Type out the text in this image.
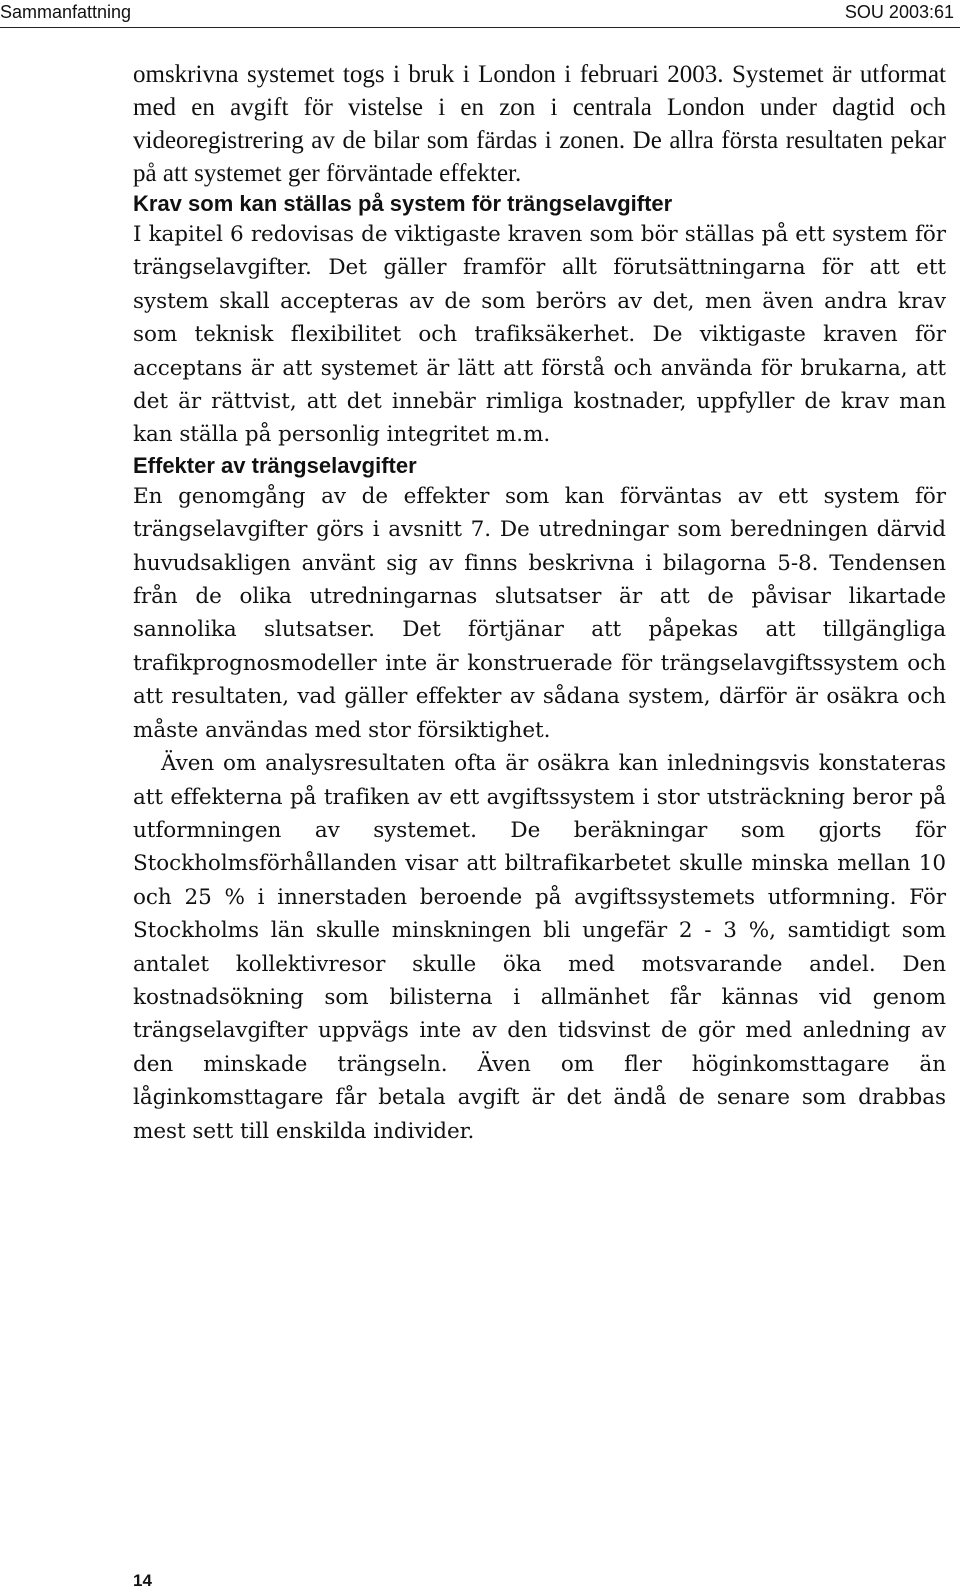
Sammanfattning	SOU 2003:61

omskrivna systemet togs i bruk i London i februari 2003. Systemet är utformat med en avgift för vistelse i en zon i centrala London under dagtid och videoregistrering av de bilar som färdas i zonen. De allra första resultaten pekar på att systemet ger förväntade effekter.

Krav som kan ställas på system för trängselavgifter

I kapitel 6 redovisas de viktigaste kraven som bör ställas på ett system för trängselavgifter. Det gäller framför allt förutsättningarna för att ett system skall accepteras av de som berörs av det, men även andra krav som teknisk flexibilitet och trafiksäkerhet. De viktigaste kraven för acceptans är att systemet är lätt att förstå och använda för brukarna, att det är rättvist, att det innebär rimliga kostnader, uppfyller de krav man kan ställa på personlig integritet m.m.

Effekter av trängselavgifter

En genomgång av de effekter som kan förväntas av ett system för trängselavgifter görs i avsnitt 7. De utredningar som beredningen därvid huvudsakligen använt sig av finns beskrivna i bilagorna 5-8. Tendensen från de olika utredningarnas slutsatser är att de påvisar likartade sannolika slutsatser. Det förtjänar att påpekas att tillgängliga trafikprognosmodeller inte är konstruerade för trängselavgiftssystem och att resultaten, vad gäller effekter av sådana system, därför är osäkra och måste användas med stor försiktighet.

Även om analysresultaten ofta är osäkra kan inledningsvis konstateras att effekterna på trafiken av ett avgiftssystem i stor utsträckning beror på utformningen av systemet. De beräkningar som gjorts för Stockholmsförhållanden visar att biltrafikarbetet skulle minska mellan 10 och 25 % i innerstaden beroende på avgiftssystemets utformning. För Stockholms län skulle minskningen bli ungefär 2 - 3 %, samtidigt som antalet kollektivresor skulle öka med motsvarande andel. Den kostnadsökning som bilisterna i allmänhet får kännas vid genom trängselavgifter uppvägs inte av den tidsvinst de gör med anledning av den minskade trängseln. Även om fler höginkomsttagare än låginkomsttagare får betala avgift är det ändå de senare som drabbas mest sett till enskilda individer.

14
